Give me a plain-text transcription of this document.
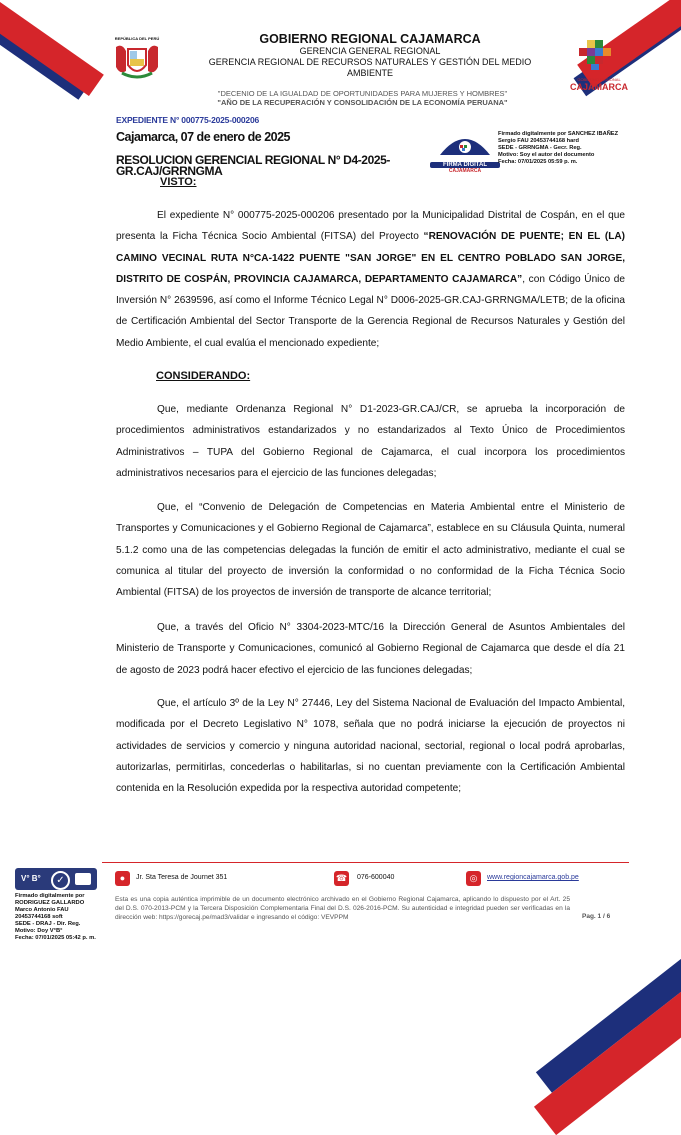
REPÚBLICA DEL PERÚ	GOBIERNO REGIONAL CAJAMARCA
GERENCIA GENERAL REGIONAL
GERENCIA REGIONAL DE RECURSOS NATURALES Y GESTIÓN DEL MEDIO AMBIENTE
GOBIERNO REGIONAL
CAJAMARCA
"DECENIO DE LA IGUALDAD DE OPORTUNIDADES PARA MUJERES Y HOMBRES"
"AÑO DE LA RECUPERACIÓN Y CONSOLIDACIÓN DE LA ECONOMÍA PERUANA"
EXPEDIENTE N° 000775-2025-000206
Cajamarca, 07 de enero de 2025
RESOLUCION GERENCIAL REGIONAL N° D4-2025-GR.CAJ/GRRNGMA
VISTO:
FIRMA DIGITAL
CAJAMARCA
Firmado digitalmente por SANCHEZ IBAÑEZ
Sergio FAU 20453744168 hard
SEDE - GRRNGMA - Gecr. Reg.
Motivo: Soy el autor del documento
Fecha: 07/01/2025 05:59 p. m.
El expediente N° 000775-2025-000206 presentado por la Municipalidad Distrital de Cospán, en el que presenta la Ficha Técnica Socio Ambiental (FITSA) del Proyecto “RENOVACIÓN DE PUENTE; EN EL (LA) CAMINO VECINAL RUTA N°CA-1422 PUENTE "SAN JORGE" EN EL CENTRO POBLADO SAN JORGE, DISTRITO DE COSPÁN, PROVINCIA CAJAMARCA, DEPARTAMENTO CAJAMARCA”, con Código Único de Inversión N° 2639596, así como el Informe Técnico Legal N° D006-2025-GR.CAJ-GRRNGMA/LETB; de la oficina de Certificación Ambiental del Sector Transporte de la Gerencia Regional de Recursos Naturales y Gestión del Medio Ambiente, el cual evalúa el mencionado expediente;
CONSIDERANDO:
Que, mediante Ordenanza Regional N° D1-2023-GR.CAJ/CR, se aprueba la incorporación de procedimientos administrativos estandarizados y no estandarizados al Texto Único de Procedimientos Administrativos – TUPA del Gobierno Regional de Cajamarca, el cual incorpora los procedimientos administrativos necesarios para el ejercicio de las funciones delegadas;
Que, el “Convenio de Delegación de Competencias en Materia Ambiental entre el Ministerio de Transportes y Comunicaciones y el Gobierno Regional de Cajamarca”, establece en su Cláusula Quinta, numeral 5.1.2 como una de las competencias delegadas la función de emitir el acto administrativo, mediante el cual se comunica al titular del proyecto de inversión la conformidad o no conformidad de la Ficha Técnica Socio Ambiental (FITSA) de los proyectos de inversión de transporte de alcance territorial;
Que, a través del Oficio N° 3304-2023-MTC/16 la Dirección General de Asuntos Ambientales del Ministerio de Transporte y Comunicaciones, comunicó al Gobierno Regional de Cajamarca que desde el día 21 de agosto de 2023 podrá hacer efectivo el ejercicio de las funciones delegadas;
Que, el artículo 3º de la Ley N° 27446, Ley del Sistema Nacional de Evaluación del Impacto Ambiental, modificada por el Decreto Legislativo N° 1078, señala que no podrá iniciarse la ejecución de proyectos ni actividades de servicios y comercio y ninguna autoridad nacional, sectorial, regional o local podrá aprobarlas, autorizarlas, permitirlas, concederlas o habilitarlas, si no cuentan previamente con la Certificación Ambiental contenida en la Resolución expedida por la respectiva autoridad competente;
V° B°	✓
Firmado digitalmente por
RODRIGUEZ GALLARDO
Marco Antonio FAU
20453744168 soft
SEDE - DRAJ - Dir. Reg.
Motivo: Doy V°B°
Fecha: 07/01/2025 05:42 p. m.
●	Jr. Sta Teresa de Journet 351	☎ 076-600040	◎	www.regioncajamarca.gob.pe
Esta es una copia auténtica imprimible de un documento electrónico archivado en el Gobierno Regional Cajamarca, aplicando lo dispuesto por el Art. 25 del D.S. 070-2013-PCM y la Tercera Disposición Complementaria Final del D.S. 026-2016-PCM. Su autenticidad e integridad pueden ser verificadas en la dirección web: https://gorecaj.pe/mad3/validar e ingresando el código: VEVPPM	Pag. 1 / 6
